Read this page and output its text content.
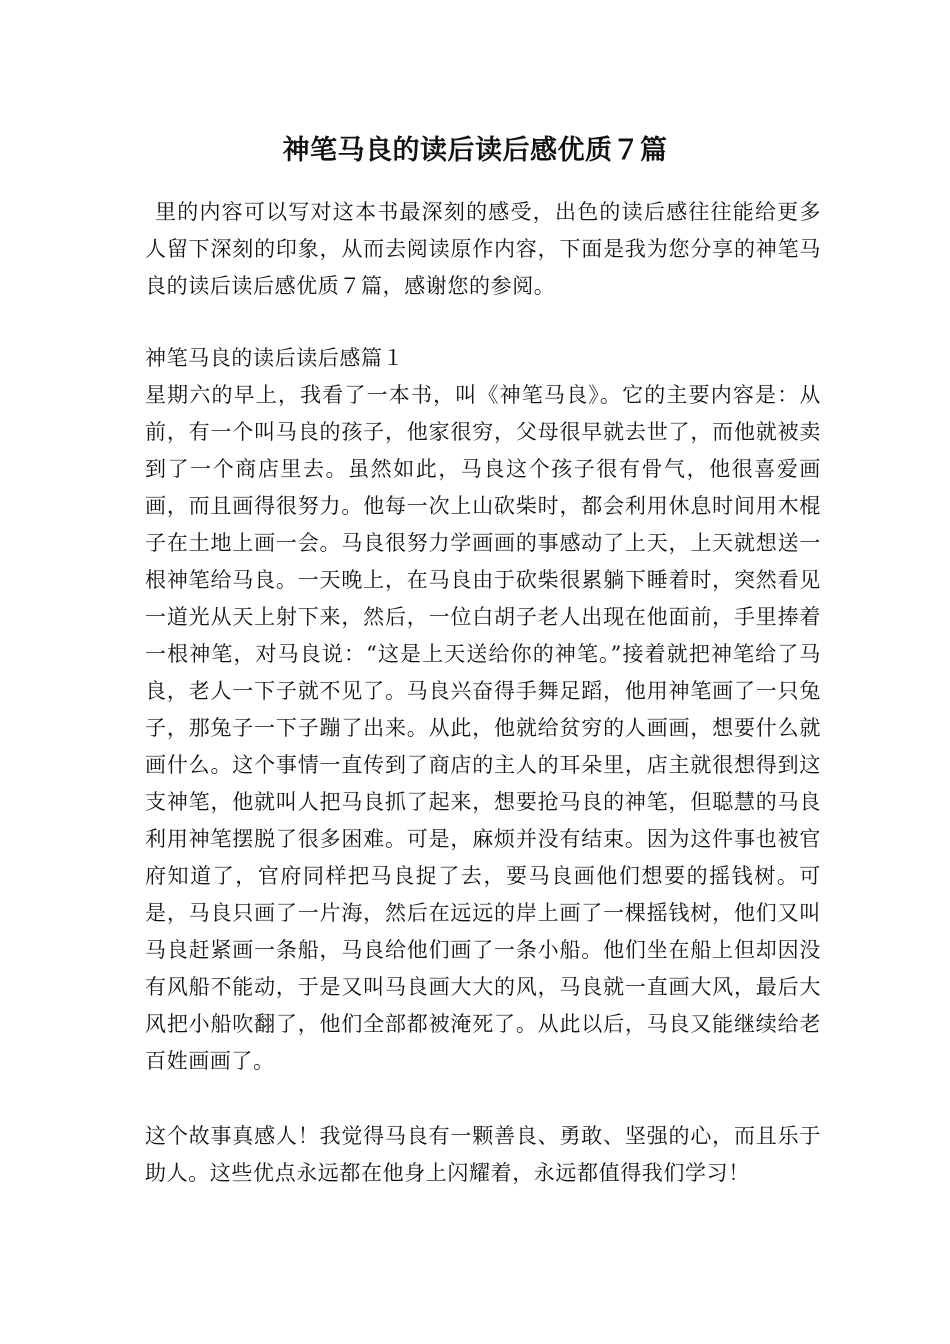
神笔马良的读后读后感优质７篇

里的内容可以写对这本书最深刻的感受，出色的读后感往往能给更多人留下深刻的印象，从而去阅读原作内容，下面是我为您分享的神笔马良的读后读后感优质７篇，感谢您的参阅。

神笔马良的读后读后感篇１

星期六的早上，我看了一本书，叫《神笔马良》。它的主要内容是：从前，有一个叫马良的孩子，他家很穷，父母很早就去世了，而他就被卖到了一个商店里去。虽然如此，马良这个孩子很有骨气，他很喜爱画画，而且画得很努力。他每一次上山砍柴时，都会利用休息时间用木棍子在土地上画一会。马良很努力学画画的事感动了上天，上天就想送一根神笔给马良。一天晚上，在马良由于砍柴很累躺下睡着时，突然看见一道光从天上射下来，然后，一位白胡子老人出现在他面前，手里捧着一根神笔，对马良说：“这是上天送给你的神笔。”接着就把神笔给了马良，老人一下子就不见了。马良兴奋得手舞足蹈，他用神笔画了一只兔子，那兔子一下子蹦了出来。从此，他就给贫穷的人画画，想要什么就画什么。这个事情一直传到了商店的主人的耳朵里，店主就很想得到这支神笔，他就叫人把马良抓了起来，想要抢马良的神笔，但聪慧的马良利用神笔摆脱了很多困难。可是，麻烦并没有结束。因为这件事也被官府知道了，官府同样把马良捉了去，要马良画他们想要的摇钱树。可是，马良只画了一片海，然后在远远的岸上画了一棵摇钱树，他们又叫马良赶紧画一条船，马良给他们画了一条小船。他们坐在船上但却因没有风船不能动，于是又叫马良画大大的风，马良就一直画大风，最后大风把小船吹翻了，他们全部都被淹死了。从此以后，马良又能继续给老百姓画画了。

这个故事真感人！我觉得马良有一颗善良、勇敢、坚强的心，而且乐于助人。这些优点永远都在他身上闪耀着，永远都值得我们学习！
